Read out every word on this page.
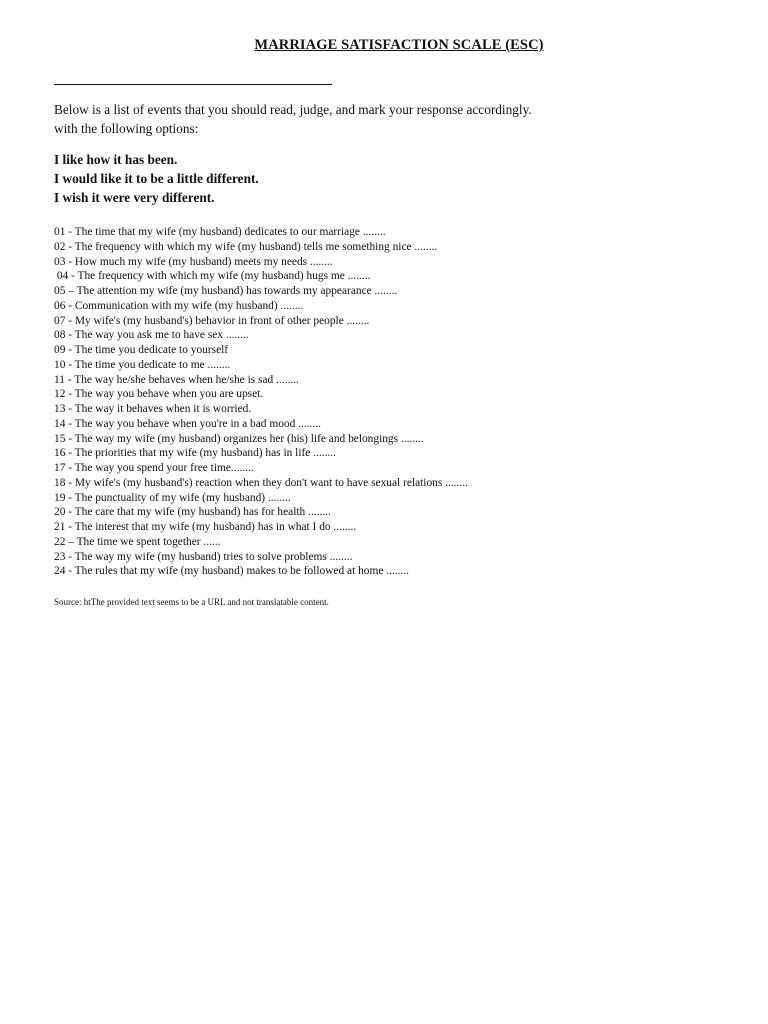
MARRIAGE SATISFACTION SCALE (ESC)

Below is a list of events that you should read, judge, and mark your response accordingly.

with the following options:

I like how it has been.
I would like it to be a little different.
I wish it were very different.
01 - The time that my wife (my husband) dedicates to our marriage ........
02 - The frequency with which my wife (my husband) tells me something nice ........
03 - How much my wife (my husband) meets my needs ........
04 - The frequency with which my wife (my husband) hugs me ........
05 – The attention my wife (my husband) has towards my appearance ........
06 - Communication with my wife (my husband) ........
07 - My wife's (my husband's) behavior in front of other people ........
08 - The way you ask me to have sex ........
09 - The time you dedicate to yourself
10 - The time you dedicate to me ........
11 - The way he/she behaves when he/she is sad ........
12 - The way you behave when you are upset.
13 - The way it behaves when it is worried.
14 - The way you behave when you're in a bad mood ........
15 - The way my wife (my husband) organizes her (his) life and belongings ........
16 - The priorities that my wife (my husband) has in life ........
17 - The way you spend your free time........
18 - My wife's (my husband's) reaction when they don't want to have sexual relations ........
19 - The punctuality of my wife (my husband) ........
20 - The care that my wife (my husband) has for health ........
21 - The interest that my wife (my husband) has in what I do ........
22 – The time we spent together ......
23 - The way my wife (my husband) tries to solve problems ........
24 - The rules that my wife (my husband) makes to be followed at home ........
Source: htThe provided text seems to be a URL and not translatable content.
